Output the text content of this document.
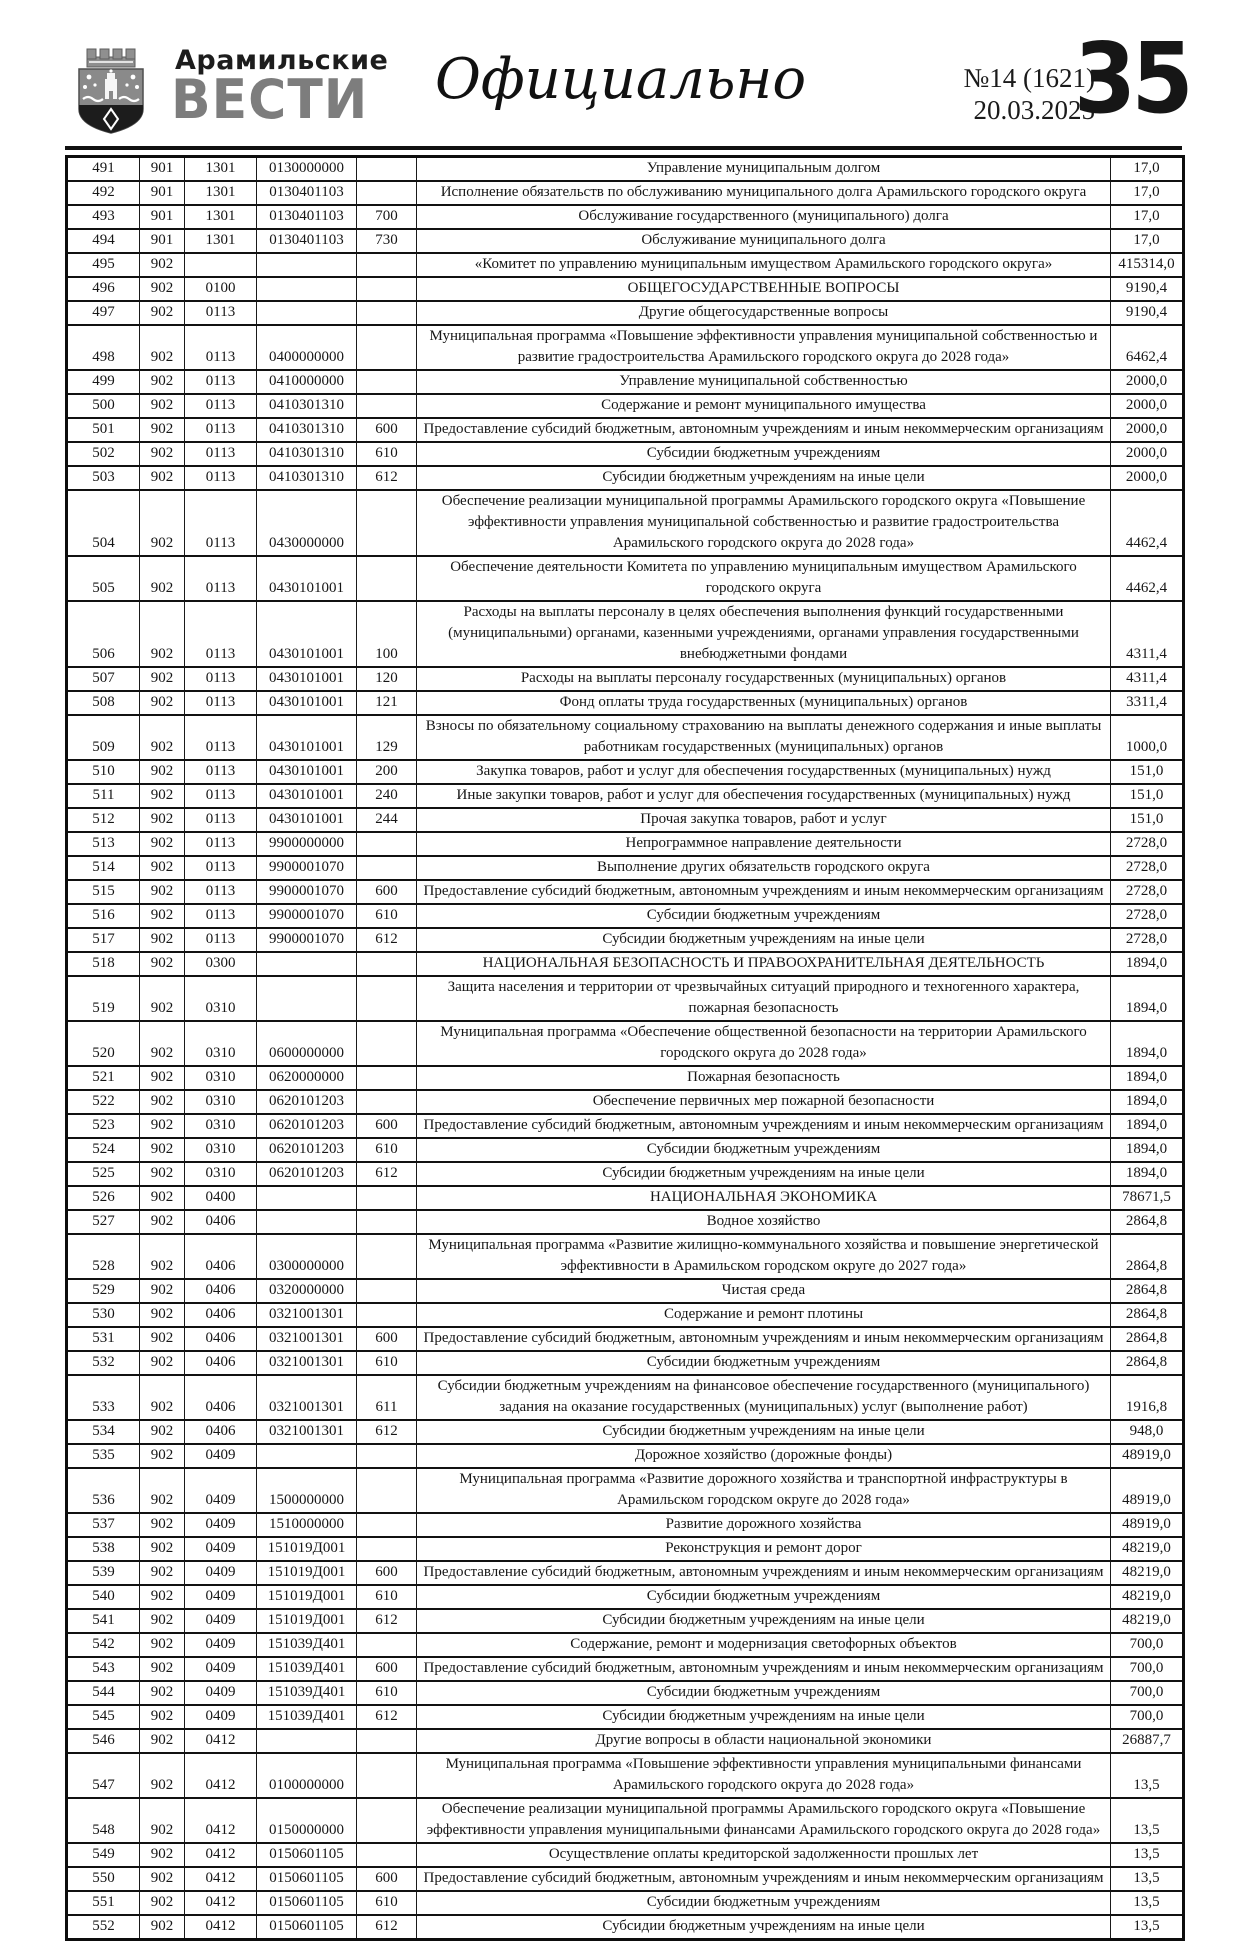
Арамильские
ВЕСТИ	Официально	№14 (1621)
20.03.2025
35
491	901	1301	0130000000		Управление муниципальным долгом	17,0
492	901	1301	0130401103		Исполнение обязательств по обслуживанию муниципального долга Арамильского городского округа	17,0
493	901	1301	0130401103	700	Обслуживание государственного (муниципального) долга	17,0
494	901	1301	0130401103	730	Обслуживание муниципального долга	17,0
495	902				«Комитет по управлению муниципальным имуществом Арамильского городского округа»	415314,0
496	902	0100			ОБЩЕГОСУДАРСТВЕННЫЕ ВОПРОСЫ	9190,4
497	902	0113			Другие общегосударственные вопросы	9190,4
498	902	0113	0400000000		Муниципальная программа «Повышение эффективности управления муниципальной собственностью и развитие градостроительства Арамильского городского округа до 2028 года»	6462,4
499	902	0113	0410000000		Управление муниципальной собственностью	2000,0
500	902	0113	0410301310		Содержание и ремонт муниципального имущества	2000,0
501	902	0113	0410301310	600	Предоставление субсидий бюджетным, автономным учреждениям и иным некоммерческим организациям	2000,0
502	902	0113	0410301310	610	Субсидии бюджетным учреждениям	2000,0
503	902	0113	0410301310	612	Субсидии бюджетным учреждениям на иные цели	2000,0
504	902	0113	0430000000		Обеспечение реализации муниципальной программы Арамильского городского округа «Повышение эффективности управления муниципальной собственностью и развитие градостроительства Арамильского городского округа до 2028 года»	4462,4
505	902	0113	0430101001		Обеспечение деятельности Комитета по управлению муниципальным имуществом Арамильского городского округа	4462,4
506	902	0113	0430101001	100	Расходы на выплаты персоналу в целях обеспечения выполнения функций государственными (муниципальными) органами, казенными учреждениями, органами управления государственными внебюджетными фондами	4311,4
507	902	0113	0430101001	120	Расходы на выплаты персоналу государственных (муниципальных) органов	4311,4
508	902	0113	0430101001	121	Фонд оплаты труда государственных (муниципальных) органов	3311,4
509	902	0113	0430101001	129	Взносы по обязательному социальному страхованию на выплаты денежного содержания и иные выплаты работникам государственных (муниципальных) органов	1000,0
510	902	0113	0430101001	200	Закупка товаров, работ и услуг для обеспечения государственных (муниципальных) нужд	151,0
511	902	0113	0430101001	240	Иные закупки товаров, работ и услуг для обеспечения государственных (муниципальных) нужд	151,0
512	902	0113	0430101001	244	Прочая закупка товаров, работ и услуг	151,0
513	902	0113	9900000000		Непрограммное направление деятельности	2728,0
514	902	0113	9900001070		Выполнение других обязательств городского округа	2728,0
515	902	0113	9900001070	600	Предоставление субсидий бюджетным, автономным учреждениям и иным некоммерческим организациям	2728,0
516	902	0113	9900001070	610	Субсидии бюджетным учреждениям	2728,0
517	902	0113	9900001070	612	Субсидии бюджетным учреждениям на иные цели	2728,0
518	902	0300			НАЦИОНАЛЬНАЯ БЕЗОПАСНОСТЬ И ПРАВООХРАНИТЕЛЬНАЯ ДЕЯТЕЛЬНОСТЬ	1894,0
519	902	0310			Защита населения и территории от чрезвычайных ситуаций природного и техногенного характера, пожарная безопасность	1894,0
520	902	0310	0600000000		Муниципальная программа «Обеспечение общественной безопасности на территории Арамильского городского округа до 2028 года»	1894,0
521	902	0310	0620000000		Пожарная безопасность	1894,0
522	902	0310	0620101203		Обеспечение первичных мер пожарной безопасности	1894,0
523	902	0310	0620101203	600	Предоставление субсидий бюджетным, автономным учреждениям и иным некоммерческим организациям	1894,0
524	902	0310	0620101203	610	Субсидии бюджетным учреждениям	1894,0
525	902	0310	0620101203	612	Субсидии бюджетным учреждениям на иные цели	1894,0
526	902	0400			НАЦИОНАЛЬНАЯ ЭКОНОМИКА	78671,5
527	902	0406			Водное хозяйство	2864,8
528	902	0406	0300000000		Муниципальная программа «Развитие жилищно-коммунального хозяйства и повышение энергетической эффективности в Арамильском городском округе до 2027 года»	2864,8
529	902	0406	0320000000		Чистая среда	2864,8
530	902	0406	0321001301		Содержание и ремонт плотины	2864,8
531	902	0406	0321001301	600	Предоставление субсидий бюджетным, автономным учреждениям и иным некоммерческим организациям	2864,8
532	902	0406	0321001301	610	Субсидии бюджетным учреждениям	2864,8
533	902	0406	0321001301	611	Субсидии бюджетным учреждениям на финансовое обеспечение государственного (муниципального) задания на оказание государственных (муниципальных) услуг (выполнение работ)	1916,8
534	902	0406	0321001301	612	Субсидии бюджетным учреждениям на иные цели	948,0
535	902	0409			Дорожное хозяйство (дорожные фонды)	48919,0
536	902	0409	1500000000		Муниципальная программа «Развитие дорожного хозяйства и транспортной инфраструктуры в Арамильском городском округе до 2028 года»	48919,0
537	902	0409	1510000000		Развитие дорожного хозяйства	48919,0
538	902	0409	151019Д001		Реконструкция и ремонт дорог	48219,0
539	902	0409	151019Д001	600	Предоставление субсидий бюджетным, автономным учреждениям и иным некоммерческим организациям	48219,0
540	902	0409	151019Д001	610	Субсидии бюджетным учреждениям	48219,0
541	902	0409	151019Д001	612	Субсидии бюджетным учреждениям на иные цели	48219,0
542	902	0409	151039Д401		Содержание, ремонт и модернизация светофорных объектов	700,0
543	902	0409	151039Д401	600	Предоставление субсидий бюджетным, автономным учреждениям и иным некоммерческим организациям	700,0
544	902	0409	151039Д401	610	Субсидии бюджетным учреждениям	700,0
545	902	0409	151039Д401	612	Субсидии бюджетным учреждениям на иные цели	700,0
546	902	0412			Другие вопросы в области национальной экономики	26887,7
547	902	0412	0100000000		Муниципальная программа «Повышение эффективности управления муниципальными финансами Арамильского городского округа до 2028 года»	13,5
548	902	0412	0150000000		Обеспечение реализации муниципальной программы Арамильского городского округа «Повышение эффективности управления муниципальными финансами Арамильского городского округа до 2028 года»	13,5
549	902	0412	0150601105		Осуществление оплаты кредиторской задолженности прошлых лет	13,5
550	902	0412	0150601105	600	Предоставление субсидий бюджетным, автономным учреждениям и иным некоммерческим организациям	13,5
551	902	0412	0150601105	610	Субсидии бюджетным учреждениям	13,5
552	902	0412	0150601105	612	Субсидии бюджетным учреждениям на иные цели	13,5
